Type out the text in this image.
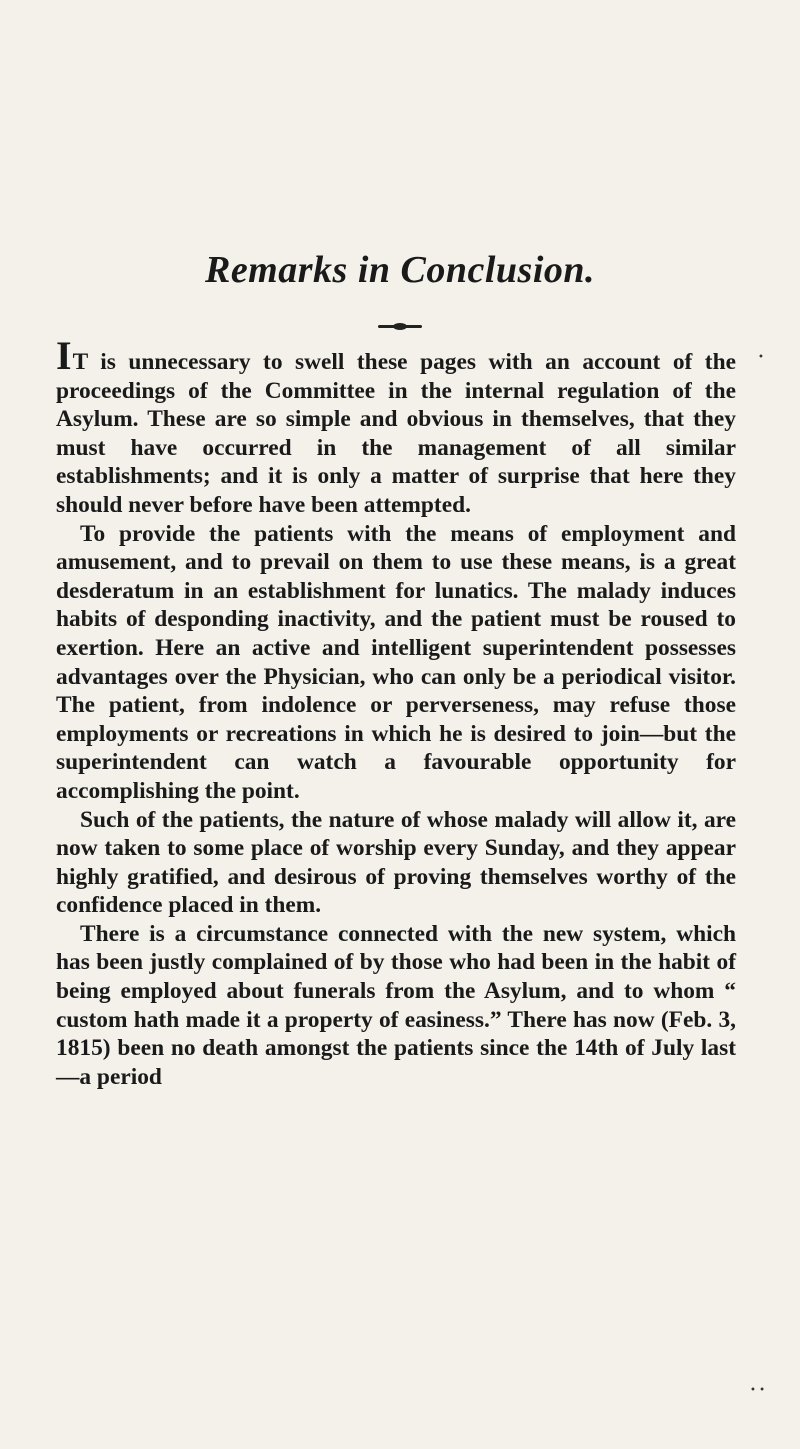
Remarks in Conclusion.

IT is unnecessary to swell these pages with an account of the proceedings of the Committee in the internal regulation of the Asylum. These are so simple and obvious in themselves, that they must have occurred in the management of all similar establishments; and it is only a matter of surprise that here they should never before have been attempted.

To provide the patients with the means of employment and amusement, and to prevail on them to use these means, is a great desderatum in an establishment for lunatics. The malady induces habits of desponding inactivity, and the patient must be roused to exertion. Here an active and intelligent superintendent possesses advantages over the Physician, who can only be a periodical visitor. The patient, from indolence or perverseness, may refuse those employments or recreations in which he is desired to join—but the superintendent can watch a favourable opportunity for accomplishing the point.

Such of the patients, the nature of whose malady will allow it, are now taken to some place of worship every Sunday, and they appear highly gratified, and desirous of proving themselves worthy of the confidence placed in them.

There is a circumstance connected with the new system, which has been justly complained of by those who had been in the habit of being employed about funerals from the Asylum, and to whom “ custom hath made it a property of easiness.” There has now (Feb. 3, 1815) been no death amongst the patients since the 14th of July last—a period

•
• •
